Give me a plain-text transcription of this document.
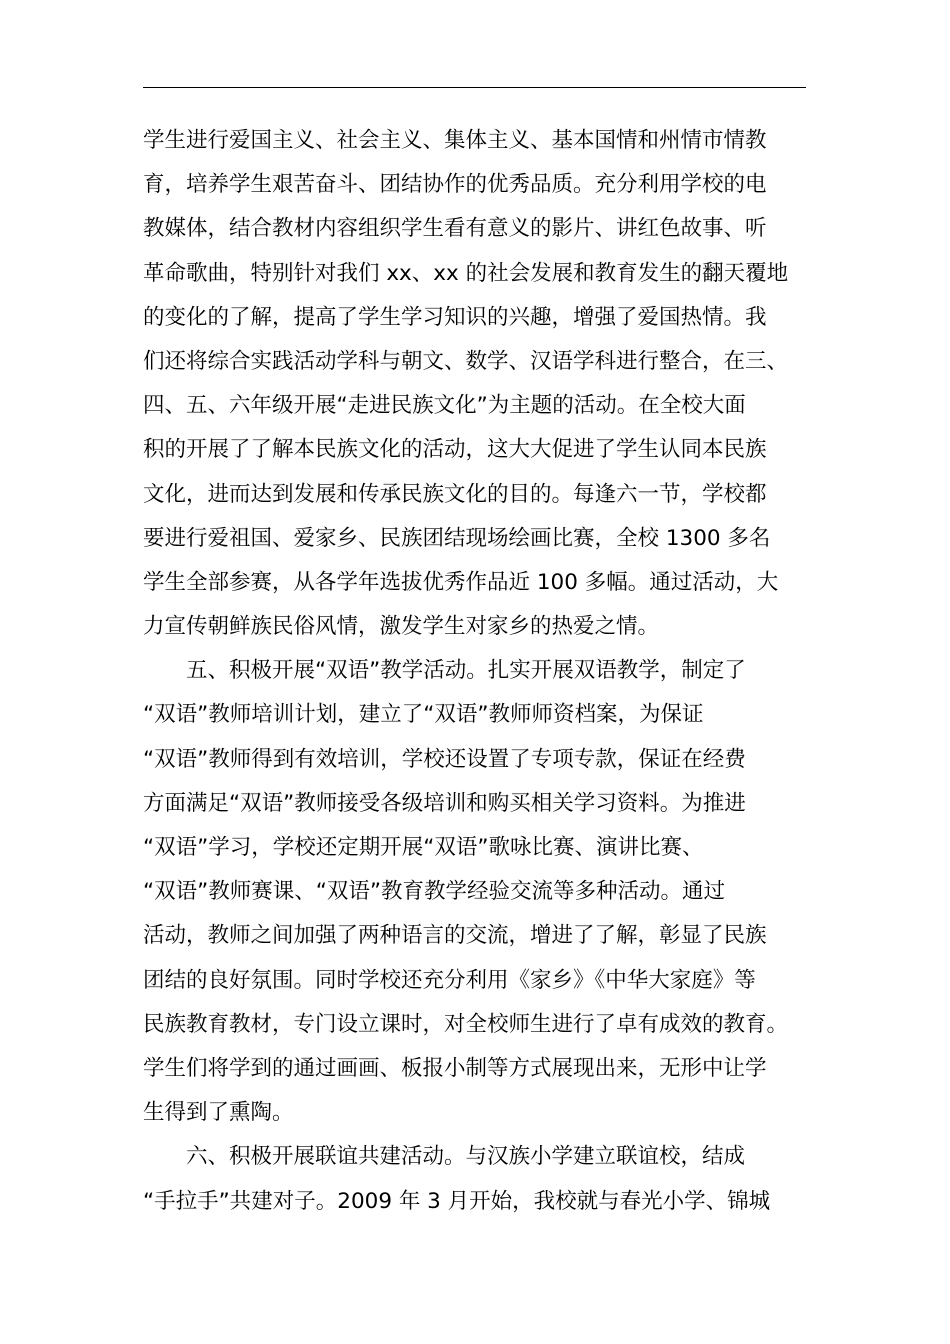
学生进行爱国主义、社会主义、集体主义、基本国情和州情市情教
育，培养学生艰苦奋斗、团结协作的优秀品质。充分利用学校的电
教媒体，结合教材内容组织学生看有意义的影片、讲红色故事、听
革命歌曲，特别针对我们 xx、xx 的社会发展和教育发生的翻天覆地
的变化的了解，提高了学生学习知识的兴趣，增强了爱国热情。我
们还将综合实践活动学科与朝文、数学、汉语学科进行整合，在三、
四、五、六年级开展“走进民族文化”为主题的活动。在全校大面
积的开展了了解本民族文化的活动，这大大促进了学生认同本民族
文化，进而达到发展和传承民族文化的目的。每逢六一节，学校都
要进行爱祖国、爱家乡、民族团结现场绘画比赛，全校 1300 多名
学生全部参赛，从各学年选拔优秀作品近 100 多幅。通过活动，大
力宣传朝鲜族民俗风情，激发学生对家乡的热爱之情。
　　五、积极开展“双语”教学活动。扎实开展双语教学，制定了
“双语”教师培训计划，建立了“双语”教师师资档案，为保证
“双语”教师得到有效培训，学校还设置了专项专款，保证在经费
方面满足“双语”教师接受各级培训和购买相关学习资料。为推进
“双语”学习，学校还定期开展“双语”歌咏比赛、演讲比赛、
“双语”教师赛课、“双语”教育教学经验交流等多种活动。通过
活动，教师之间加强了两种语言的交流，增进了了解，彰显了民族
团结的良好氛围。同时学校还充分利用《家乡》《中华大家庭》等
民族教育教材，专门设立课时，对全校师生进行了卓有成效的教育。
学生们将学到的通过画画、板报小制等方式展现出来，无形中让学
生得到了熏陶。
　　六、积极开展联谊共建活动。与汉族小学建立联谊校，结成
“手拉手”共建对子。2009 年 3 月开始，我校就与春光小学、锦城
